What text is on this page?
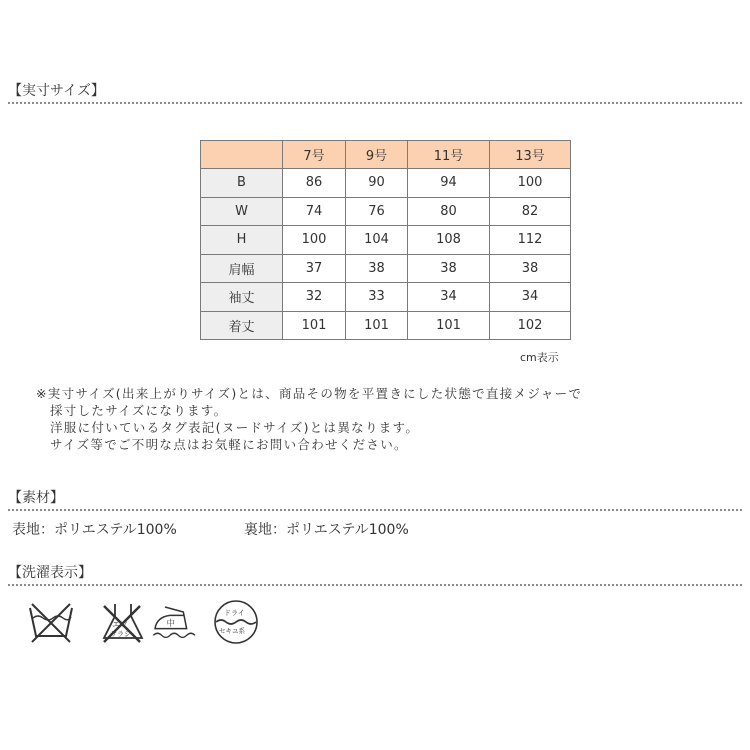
【実寸サイズ】
	7号	9号	11号	13号
B	86	90	94	100
W	74	76	80	82
H	100	104	108	112
肩幅	37	38	38	38
袖丈	32	33	34	34
着丈	101	101	101	102
cm表示
※実寸サイズ(出来上がりサイズ)とは、商品その物を平置きにした状態で直接メジャーで
採寸したサイズになります。
洋服に付いているタグ表記(ヌードサイズ)とは異なります。
サイズ等でご不明な点はお気軽にお問い合わせください。
【素材】
表地：ポリエステル100%	裏地：ポリエステル100%
【洗濯表示】
エソ
サラシ
中
ドライ
セキユ系
